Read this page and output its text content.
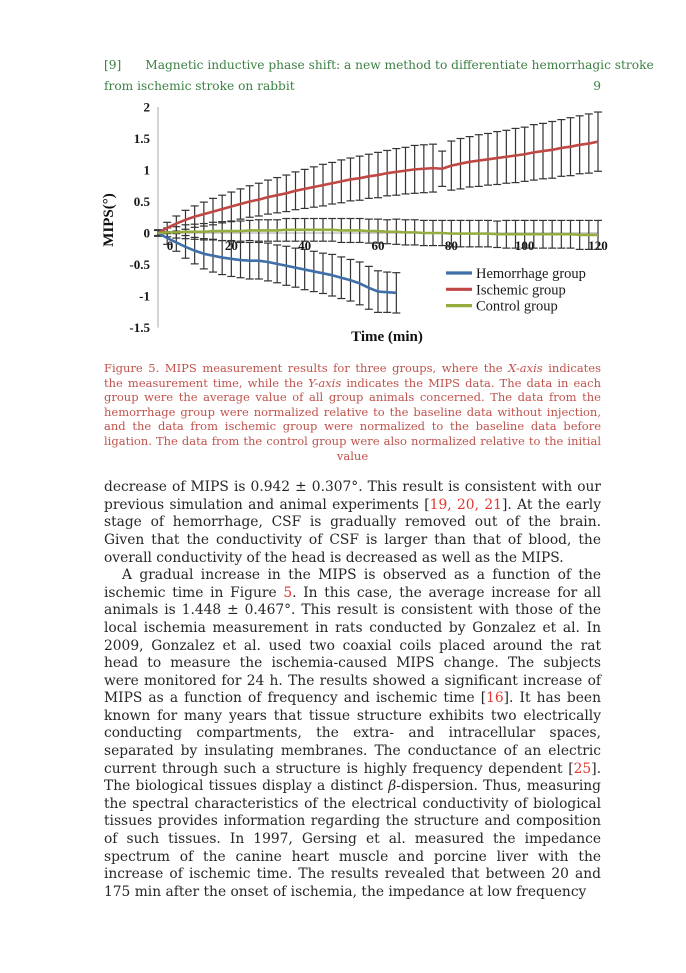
[9] Magnetic inductive phase shift: a new method to differentiate hemorrhagic stroke
from ischemic stroke on rabbit	9
2
1.5
1
0.5
0
-0.5
-1
-1.5
0	20	40	60	80	100	120
Hemorrhage group
Ischemic group
Control group
MIPS(°)
Time (min)
Figure 5. MIPS measurement results for three groups, where the X-axis indicates the measurement time, while the Y-axis indicates the MIPS data. The data in each group were the average value of all group animals concerned. The data from the hemorrhage group were normalized relative to the baseline data without injection, and the data from ischemic group were normalized to the baseline data before ligation. The data from the control group were also normalized relative to the initial value
decrease of MIPS is 0.942 ± 0.307°. This result is consistent with our previous simulation and animal experiments [19, 20, 21]. At the early stage of hemorrhage, CSF is gradually removed out of the brain. Given that the conductivity of CSF is larger than that of blood, the overall conductivity of the head is decreased as well as the MIPS.
A gradual increase in the MIPS is observed as a function of the ischemic time in Figure 5. In this case, the average increase for all animals is 1.448 ± 0.467°. This result is consistent with those of the local ischemia measurement in rats conducted by Gonzalez et al. In 2009, Gonzalez et al. used two coaxial coils placed around the rat head to measure the ischemia-caused MIPS change. The subjects were monitored for 24 h. The results showed a significant increase of MIPS as a function of frequency and ischemic time [16]. It has been known for many years that tissue structure exhibits two electrically conducting compartments, the extra- and intracellular spaces, separated by insulating membranes. The conductance of an electric current through such a structure is highly frequency dependent [25]. The biological tissues display a distinct β-dispersion. Thus, measuring the spectral characteristics of the electrical conductivity of biological tissues provides information regarding the structure and composition of such tissues. In 1997, Gersing et al. measured the impedance spectrum of the canine heart muscle and porcine liver with the increase of ischemic time. The results revealed that between 20 and 175 min after the onset of ischemia, the impedance at low frequency
